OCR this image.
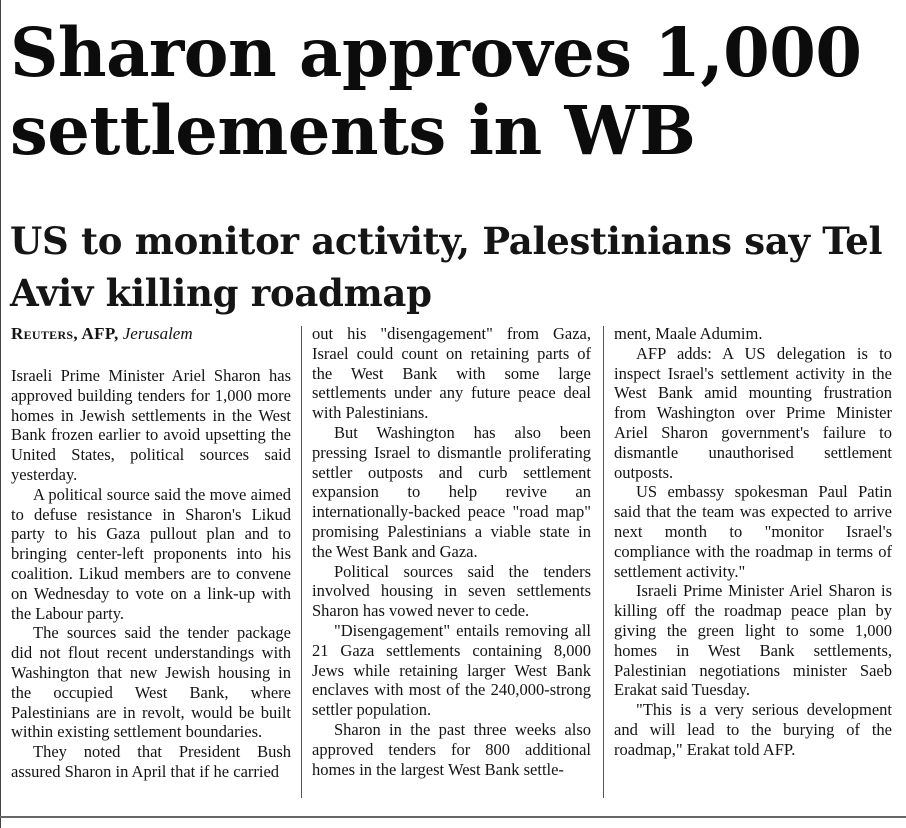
Sharon approves 1,000 settlements in WB
US to monitor activity, Palestinians say Tel Aviv killing roadmap
Reuters, AFP, Jerusalem

Israeli Prime Minister Ariel Sharon has approved building tenders for 1,000 more homes in Jewish settlements in the West Bank frozen earlier to avoid upsetting the United States, political sources said yesterday.

A political source said the move aimed to defuse resistance in Sharon's Likud party to his Gaza pullout plan and to bringing center-left proponents into his coalition. Likud members are to convene on Wednesday to vote on a link-up with the Labour party.

The sources said the tender package did not flout recent understandings with Washington that new Jewish housing in the occupied West Bank, where Palestinians are in revolt, would be built within existing settlement boundaries.

They noted that President Bush assured Sharon in April that if he carried

out his "disengagement" from Gaza, Israel could count on retaining parts of the West Bank with some large settlements under any future peace deal with Palestinians.

But Washington has also been pressing Israel to dismantle proliferating settler outposts and curb settlement expansion to help revive an internationally-backed peace "road map" promising Palestinians a viable state in the West Bank and Gaza.

Political sources said the tenders involved housing in seven settlements Sharon has vowed never to cede.

"Disengagement" entails removing all 21 Gaza settlements containing 8,000 Jews while retaining larger West Bank enclaves with most of the 240,000-strong settler population.

Sharon in the past three weeks also approved tenders for 800 additional homes in the largest West Bank settle-

ment, Maale Adumim.

AFP adds: A US delegation is to inspect Israel's settlement activity in the West Bank amid mounting frustration from Washington over Prime Minister Ariel Sharon government's failure to dismantle unauthorised settlement outposts.

US embassy spokesman Paul Patin said that the team was expected to arrive next month to "monitor Israel's compliance with the roadmap in terms of settlement activity."

Israeli Prime Minister Ariel Sharon is killing off the roadmap peace plan by giving the green light to some 1,000 homes in West Bank settlements, Palestinian negotiations minister Saeb Erakat said Tuesday.

"This is a very serious development and will lead to the burying of the roadmap," Erakat told AFP.
